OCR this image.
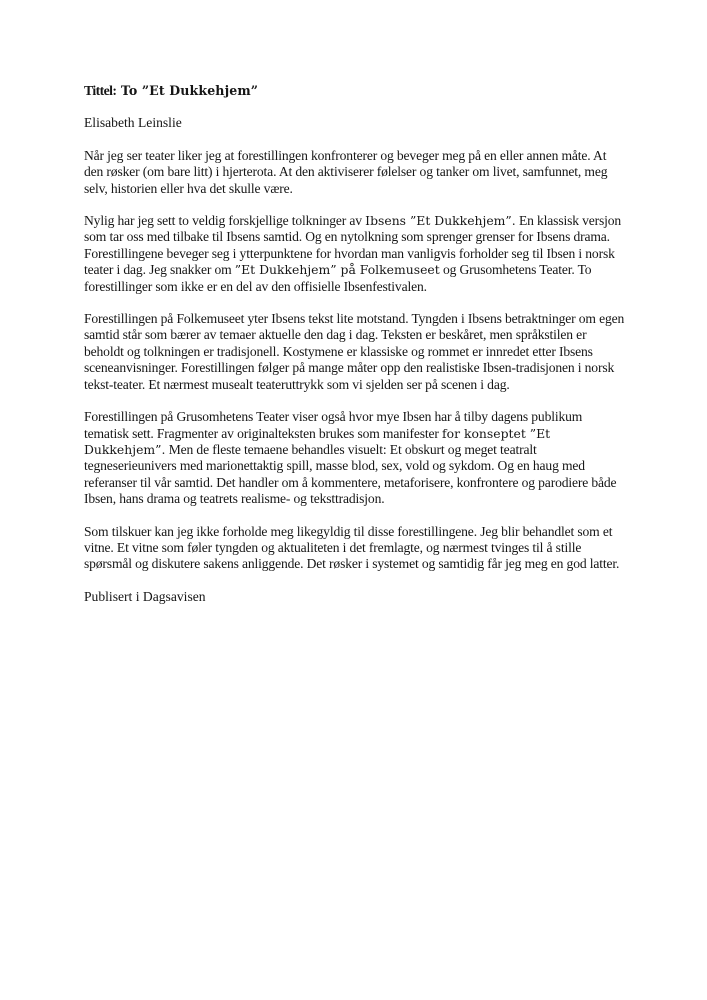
Tittel: To ”Et Dukkehjem”

Elisabeth Leinslie

Når jeg ser teater liker jeg at forestillingen konfronterer og beveger meg på en eller annen måte. At den røsker (om bare litt) i hjerterota. At den aktiviserer følelser og tanker om livet, samfunnet, meg selv, historien eller hva det skulle være.

Nylig har jeg sett to veldig forskjellige tolkninger av Ibsens ”Et Dukkehjem”. En klassisk versjon som tar oss med tilbake til Ibsens samtid. Og en nytolkning som sprenger grenser for Ibsens drama. Forestillingene beveger seg i ytterpunktene for hvordan man vanligvis forholder seg til Ibsen i norsk teater i dag. Jeg snakker om ”Et Dukkehjem” på Folkemuseet og Grusomhetens Teater. To forestillinger som ikke er en del av den offisielle Ibsenfestivalen.

Forestillingen på Folkemuseet yter Ibsens tekst lite motstand. Tyngden i Ibsens betraktninger om egen samtid står som bærer av temaer aktuelle den dag i dag. Teksten er beskåret, men språkstilen er beholdt og tolkningen er tradisjonell. Kostymene er klassiske og rommet er innredet etter Ibsens sceneanvisninger. Forestillingen følger på mange måter opp den realistiske Ibsen-tradisjonen i norsk tekst-teater. Et nærmest musealt teateruttrykk som vi sjelden ser på scenen i dag.

Forestillingen på Grusomhetens Teater viser også hvor mye Ibsen har å tilby dagens publikum tematisk sett. Fragmenter av originalteksten brukes som manifester for konseptet ”Et Dukkehjem”. Men de fleste temaene behandles visuelt: Et obskurt og meget teatralt tegneserieunivers med marionettaktig spill, masse blod, sex, vold og sykdom. Og en haug med referanser til vår samtid. Det handler om å kommentere, metaforisere, konfrontere og parodiere både Ibsen, hans drama og teatrets realisme- og teksttradisjon.

Som tilskuer kan jeg ikke forholde meg likegyldig til disse forestillingene. Jeg blir behandlet som et vitne. Et vitne som føler tyngden og aktualiteten i det fremlagte, og nærmest tvinges til å stille spørsmål og diskutere sakens anliggende. Det røsker i systemet og samtidig får jeg meg en god latter.

Publisert i Dagsavisen
